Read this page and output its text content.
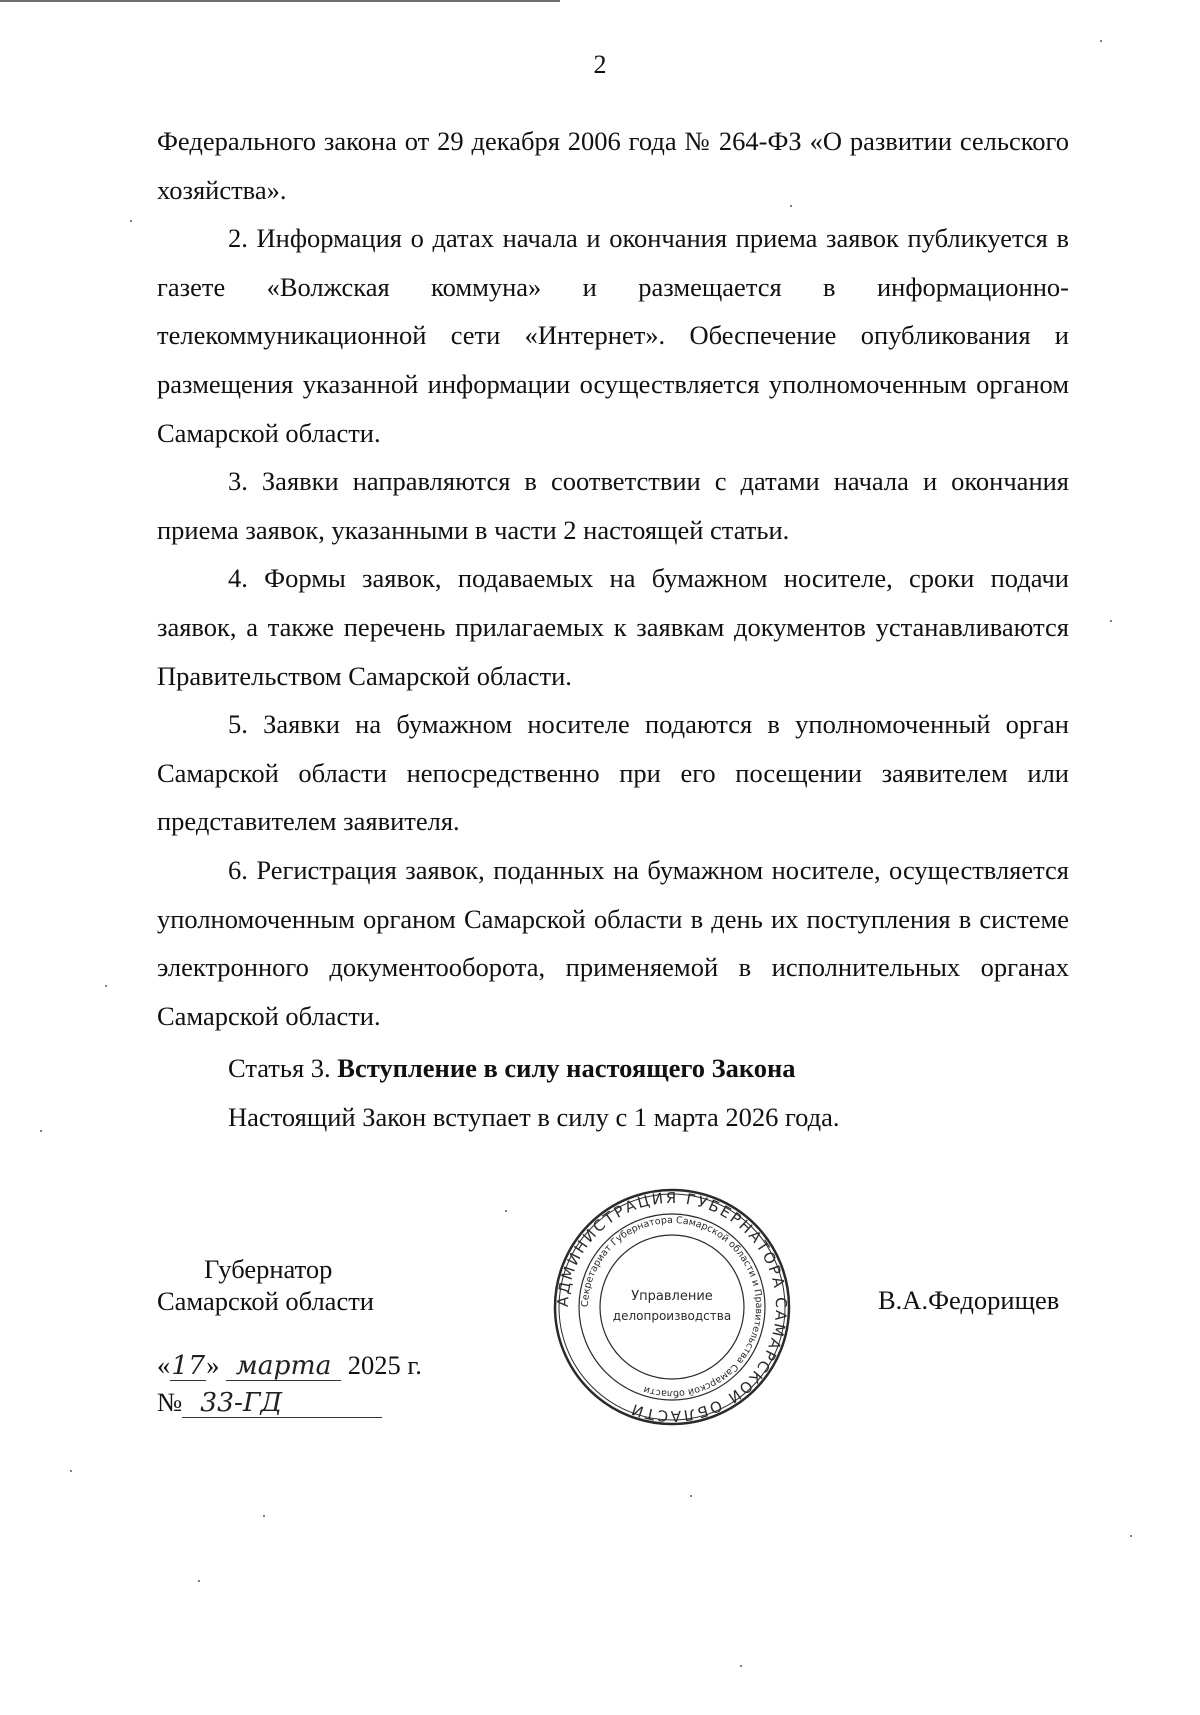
2

Федерального закона от 29 декабря 2006 года № 264-ФЗ «О развитии сельского хозяйства».

2. Информация о датах начала и окончания приема заявок публикуется в газете «Волжская коммуна» и размещается в информационно-телекоммуникационной сети «Интернет». Обеспечение опубликования и размещения указанной информации осуществляется уполномоченным органом Самарской области.

3. Заявки направляются в соответствии с датами начала и окончания приема заявок, указанными в части 2 настоящей статьи.

4. Формы заявок, подаваемых на бумажном носителе, сроки подачи заявок, а также перечень прилагаемых к заявкам документов устанавливаются Правительством Самарской области.

5. Заявки на бумажном носителе подаются в уполномоченный орган Самарской области непосредственно при его посещении заявителем или представителем заявителя.

6. Регистрация заявок, поданных на бумажном носителе, осуществляется уполномоченным органом Самарской области в день их поступления в системе электронного документооборота, применяемой в исполнительных органах Самарской области.

Статья 3. Вступление в силу настоящего Закона

Настоящий Закон вступает в силу с 1 марта 2026 года.

Губернатор
Самарской области	В.А.Федорищев
«17» марта 2025 г.
№ 33-ГД
АДМИНИСТРАЦИЯ ГУБЕРНАТОРА САМАРСКОЙ ОБЛАСТИ
Секретариат Губернатора Самарской области и Правительства Самарской области
Управление
делопроизводства
